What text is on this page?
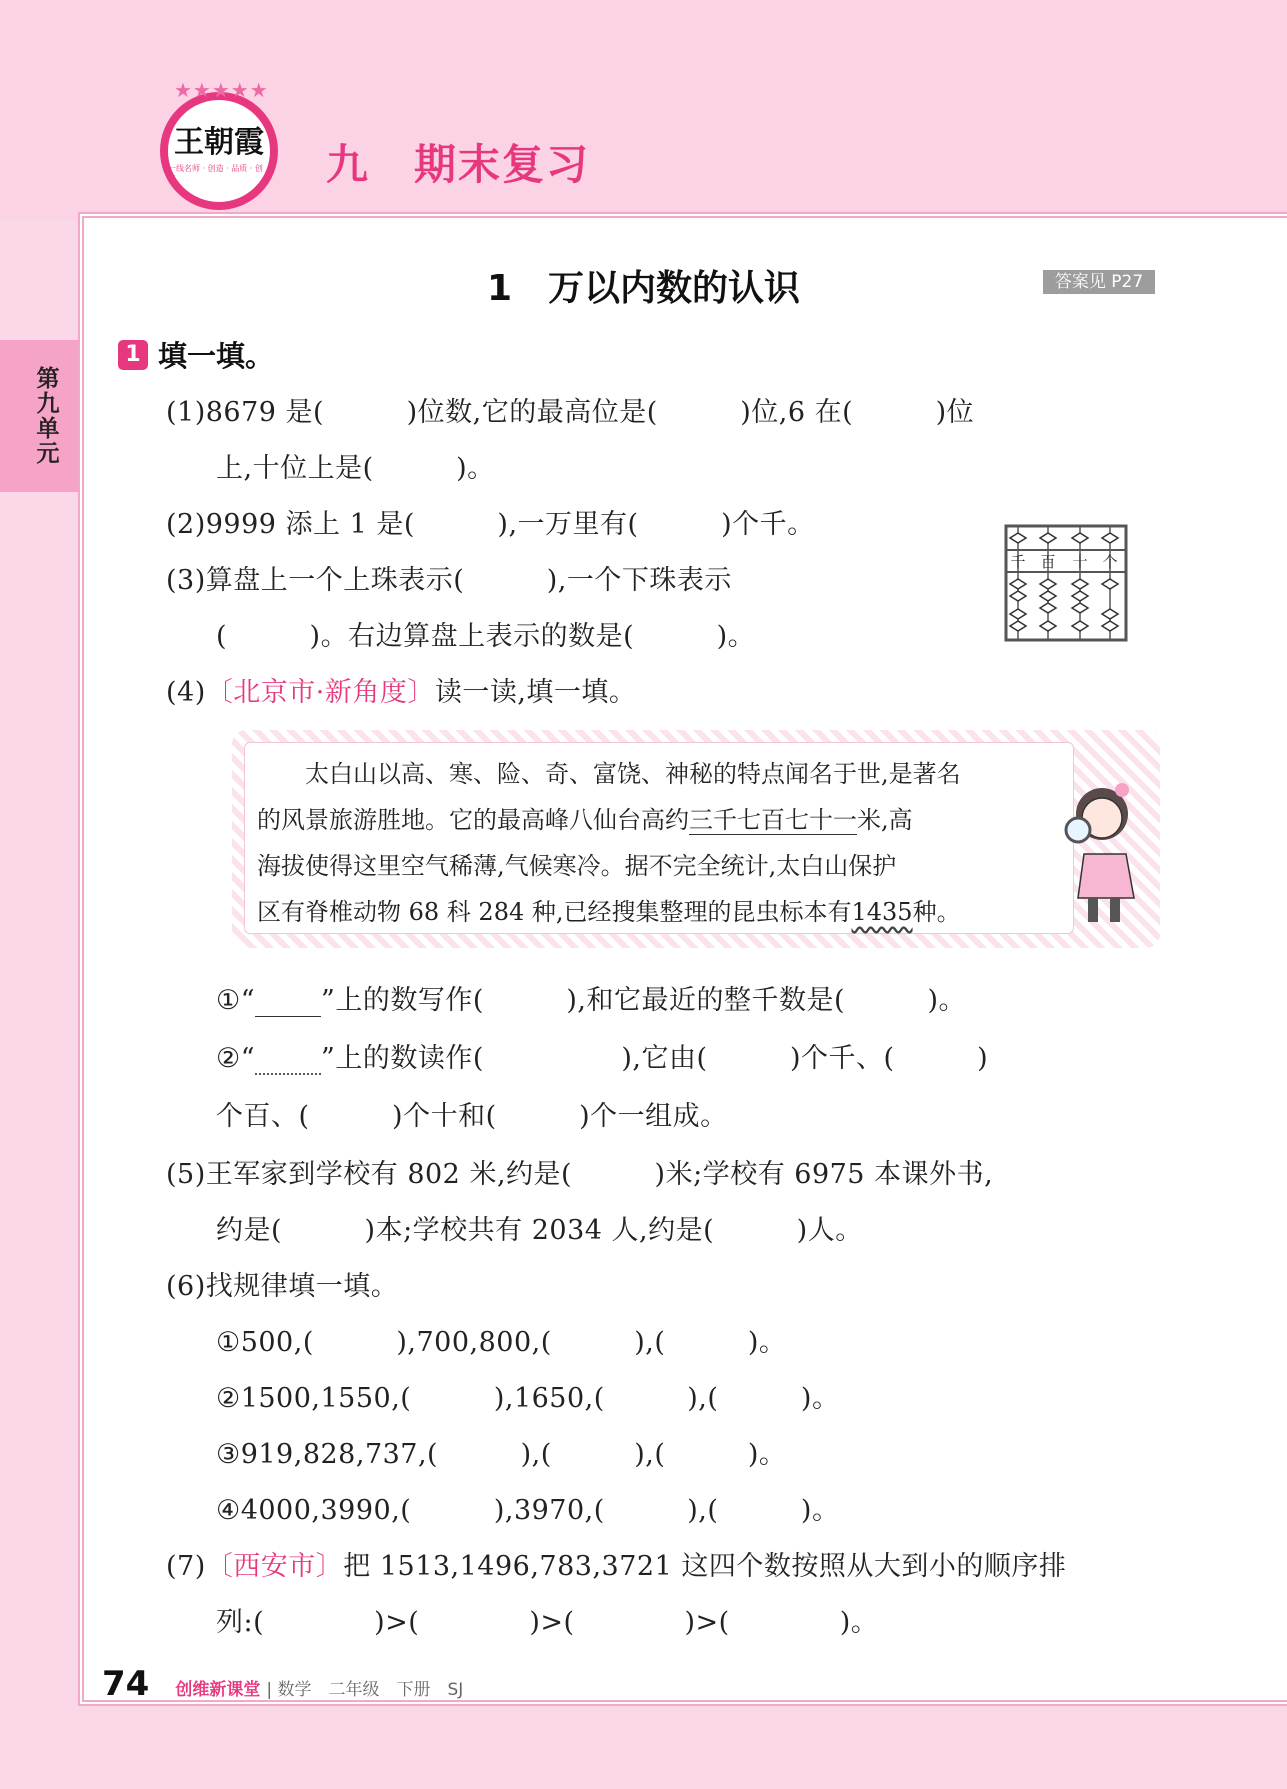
★★★★★
王朝霞
一线名师 · 创造 · 品质 · 创新	九　期末复习
第九单元
1　万以内数的认识	答案见 P27
1 填一填。
(1)8679 是(　　　)位数,它的最高位是(　　　)位,6 在(　　　)位
上,十位上是(　　　)。
(2)9999 添上 1 是(　　　),一万里有(　　　)个千。
(3)算盘上一个上珠表示(　　　),一个下珠表示
(　　　)。右边算盘上表示的数是(　　　)。
千 百 十 个
(4)〔北京市·新角度〕读一读,填一填。

　　太白山以高、寒、险、奇、富饶、神秘的特点闻名于世,是著名

的风景旅游胜地。它的最高峰八仙台高约三千七百七十一米,高

海拔使得这里空气稀薄,气候寒冷。据不完全统计,太白山保护

区有脊椎动物 68 科 284 种,已经搜集整理的昆虫标本有1435种。

①“ ”上的数写作(　　　),和它最近的整千数是(　　　)。
②“ ”上的数读作(　　　　　),它由(　　　)个千、(　　　)
个百、(　　　)个十和(　　　)个一组成。
(5)王军家到学校有 802 米,约是(　　　)米;学校有 6975 本课外书,
约是(　　　)本;学校共有 2034 人,约是(　　　)人。
(6)找规律填一填。
①500,(　　　),700,800,(　　　),(　　　)。
②1500,1550,(　　　),1650,(　　　),(　　　)。
③919,828,737,(　　　),(　　　),(　　　)。
④4000,3990,(　　　),3970,(　　　),(　　　)。
(7)〔西安市〕把 1513,1496,783,3721 这四个数按照从大到小的顺序排
列:(　　　　)>(　　　　)>(　　　　)>(　　　　)。
74 创维新课堂 | 数学　二年级　下册　SJ
